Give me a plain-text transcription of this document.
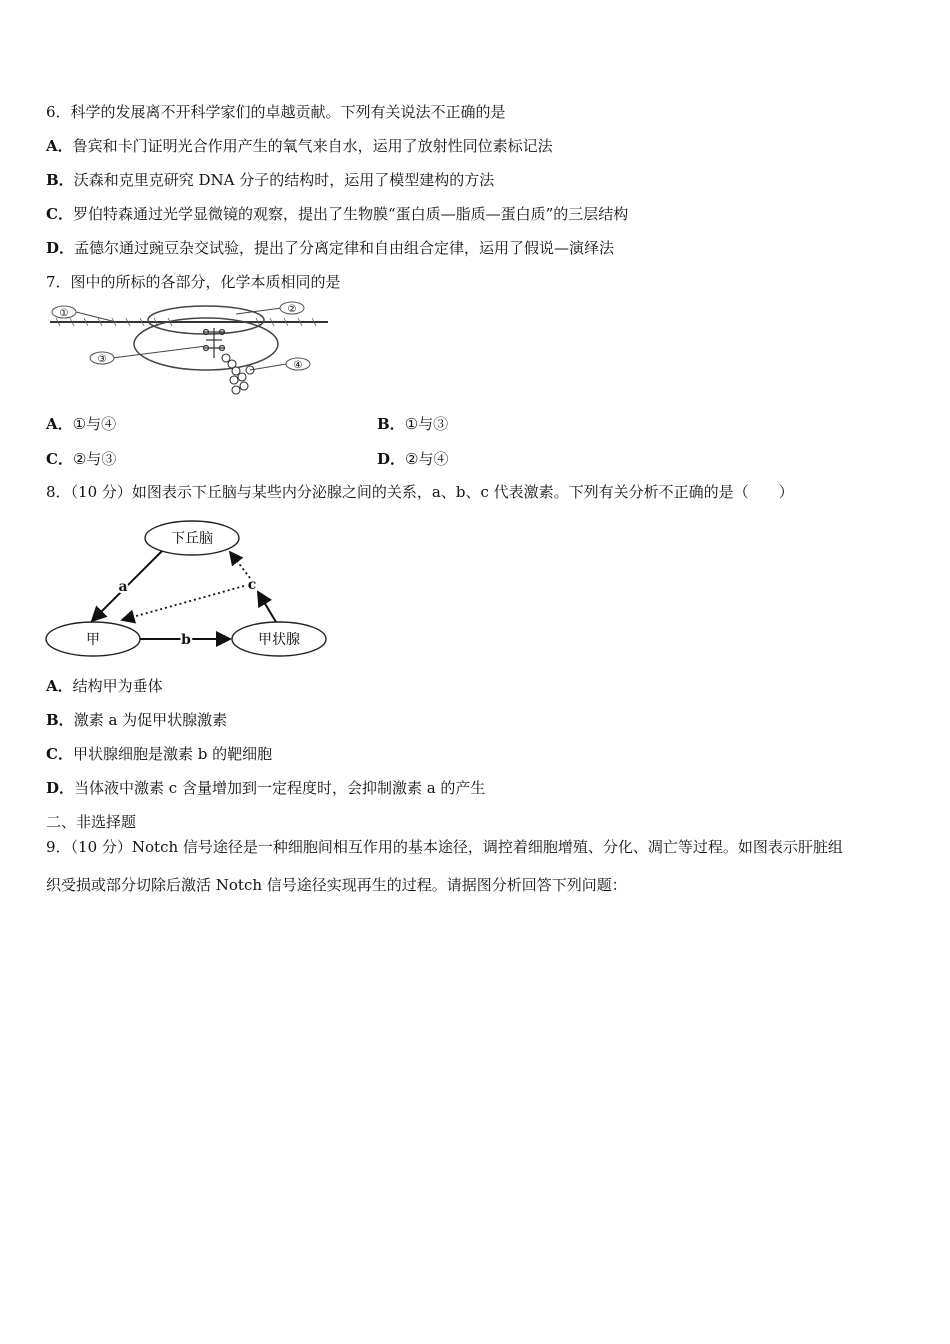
6．科学的发展离不开科学家们的卓越贡献。下列有关说法不正确的是
A．鲁宾和卡门证明光合作用产生的氧气来自水，运用了放射性同位素标记法
B．沃森和克里克研究 DNA 分子的结构时，运用了模型建构的方法
C．罗伯特森通过光学显微镜的观察，提出了生物膜“蛋白质—脂质—蛋白质”的三层结构
D．孟德尔通过豌豆杂交试验，提出了分离定律和自由组合定律，运用了假说—演绎法
7．图中的所标的各部分，化学本质相同的是
①	②
③
④
A．①与④	B．①与③
C．②与③	D．②与④
8．（10 分）如图表示下丘脑与某些内分泌腺之间的关系，a、b、c 代表激素。下列有关分析不正确的是（　　）
下丘脑
甲	甲状腺
a
b
c
A．结构甲为垂体
B．激素 a 为促甲状腺激素
C．甲状腺细胞是激素 b 的靶细胞
D．当体液中激素 c 含量增加到一定程度时，会抑制激素 a 的产生
二、非选择题
9．（10 分）Notch 信号途径是一种细胞间相互作用的基本途径，调控着细胞增殖、分化、凋亡等过程。如图表示肝脏组
织受损或部分切除后激活 Notch 信号途径实现再生的过程。请据图分析回答下列问题：
